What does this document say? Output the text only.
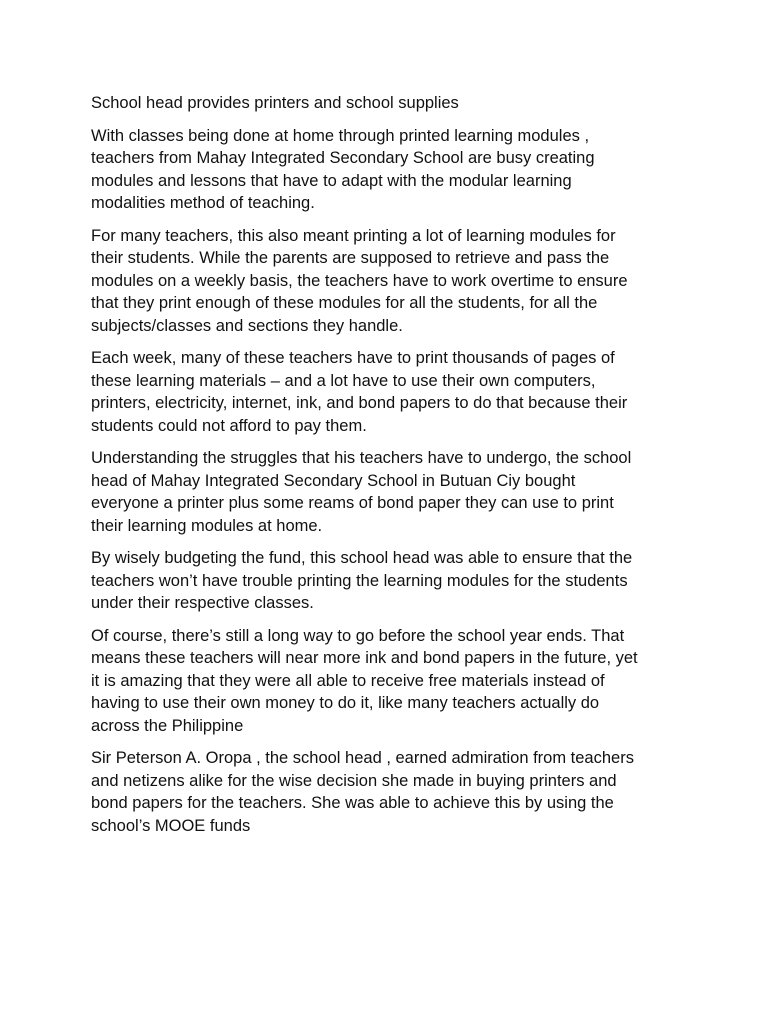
School head provides printers and school supplies
With classes being done at home through printed learning modules ,
teachers from Mahay Integrated Secondary School are busy creating
modules and lessons that have to adapt with the modular learning
modalities method of teaching.
For many teachers, this also meant printing a lot of learning modules for
their students. While the parents are supposed to retrieve and pass the
modules on a weekly basis, the teachers have to work overtime to ensure
that they print enough of these modules for all the students, for all the
subjects/classes and sections they handle.
Each week, many of these teachers have to print thousands of pages of
these learning materials – and a lot have to use their own computers,
printers, electricity, internet, ink, and bond papers to do that because their
students could not afford to pay them.
Understanding the struggles that his teachers have to undergo, the school
head of Mahay Integrated Secondary School in Butuan Ciy bought
everyone a printer plus some reams of bond paper they can use to print
their learning modules at home.
By wisely budgeting the fund, this school head was able to ensure that the
teachers won’t have trouble printing the learning modules for the students
under their respective classes.
Of course, there’s still a long way to go before the school year ends. That
means these teachers will near more ink and bond papers in the future, yet
it is amazing that they were all able to receive free materials instead of
having to use their own money to do it, like many teachers actually do
across the Philippine
Sir Peterson A. Oropa , the school head , earned admiration from teachers
and netizens alike for the wise decision she made in buying printers and
bond papers for the teachers. She was able to achieve this by using the
school’s MOOE funds
